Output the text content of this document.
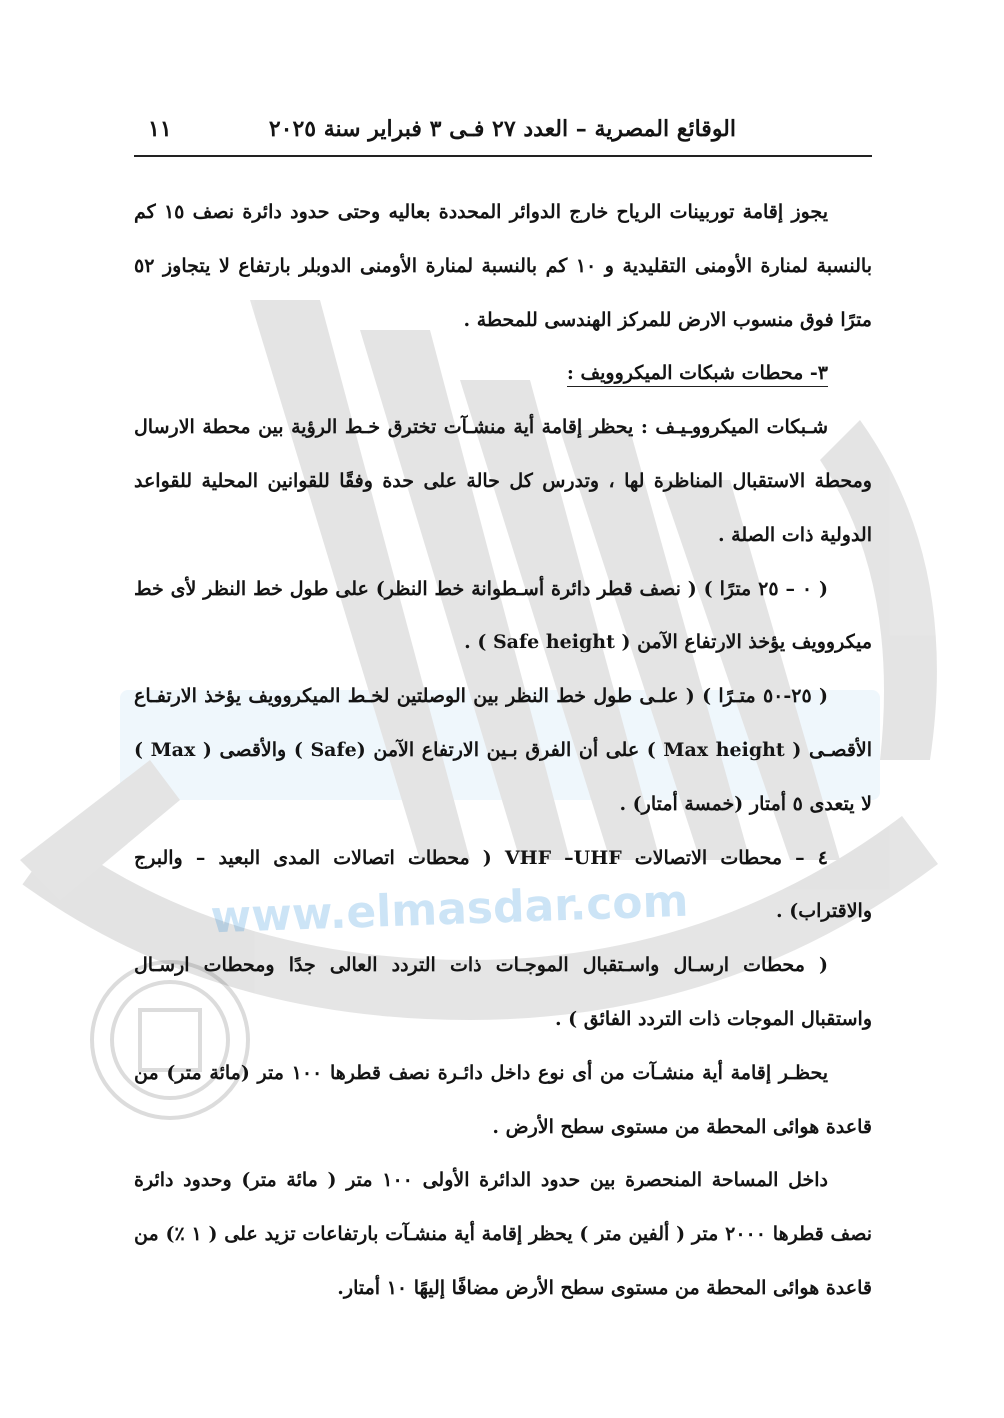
www.elmasdar.com
الوقائع المصرية – العدد ٢٧ فـى ٣ فبراير سنة ٢٠٢٥
١١

يجوز إقامة توربينات الرياح خارج الدوائر المحددة بعاليه وحتى حدود دائرة نصف ١٥ كم بالنسبة لمنارة الأومنى التقليدية و ١٠ كم بالنسبة لمنارة الأومنى الدوبلر بارتفاع لا يتجاوز ٥٢ مترًا فوق منسوب الارض للمركز الهندسى للمحطة .

٣- محطات شبكات الميكروويف :

شـبكات الميكرووـيـف : يحظر إقامة أية منشـآت تخترق خـط الرؤية بين محطة الارسال ومحطة الاستقبال المناظرة لها ، وتدرس كل حالة على حدة وفقًا للقوانين المحلية للقواعد الدولية ذات الصلة .

( ٠ – ٢٥ مترًا ) ( نصف قطر دائرة أسـطوانة خط النظر) على طول خط النظر لأى خط ميكروويف يؤخذ الارتفاع الآمن ( Safe height ) .

( ٢٥-٥٠ متـرًا ) ( علـى طول خط النظر بين الوصلتين لخـط الميكروويف يؤخذ الارتفـاع الأقصـى ( Max height ) على أن الفرق بـين الارتفاع الآمن (Safe ) والأقصى ( Max ) لا يتعدى ٥ أمتار (خمسة أمتار) .

٤ – محطات الاتصالات VHF –UHF ( محطات اتصالات المدى البعيد – والبرج والاقتراب) .

( محطات ارسـال واسـتقبال الموجـات ذات التردد العالى جدًا ومحطات ارسـال واستقبال الموجات ذات التردد الفائق ) .

يحظـر إقامة أية منشـآت من أى نوع داخل دائـرة نصف قطرها ١٠٠ متر (مائة متر) من قاعدة هوائى المحطة من مستوى سطح الأرض .

داخل المساحة المنحصرة بين حدود الدائرة الأولى ١٠٠ متر ( مائة متر) وحدود دائرة نصف قطرها ٢٠٠٠ متر ( ألفين متر ) يحظر إقامة أية منشـآت بارتفاعات تزيد على ( ١ ٪) من قاعدة هوائى المحطة من مستوى سطح الأرض مضافًا إليهًا ١٠ أمتار.
